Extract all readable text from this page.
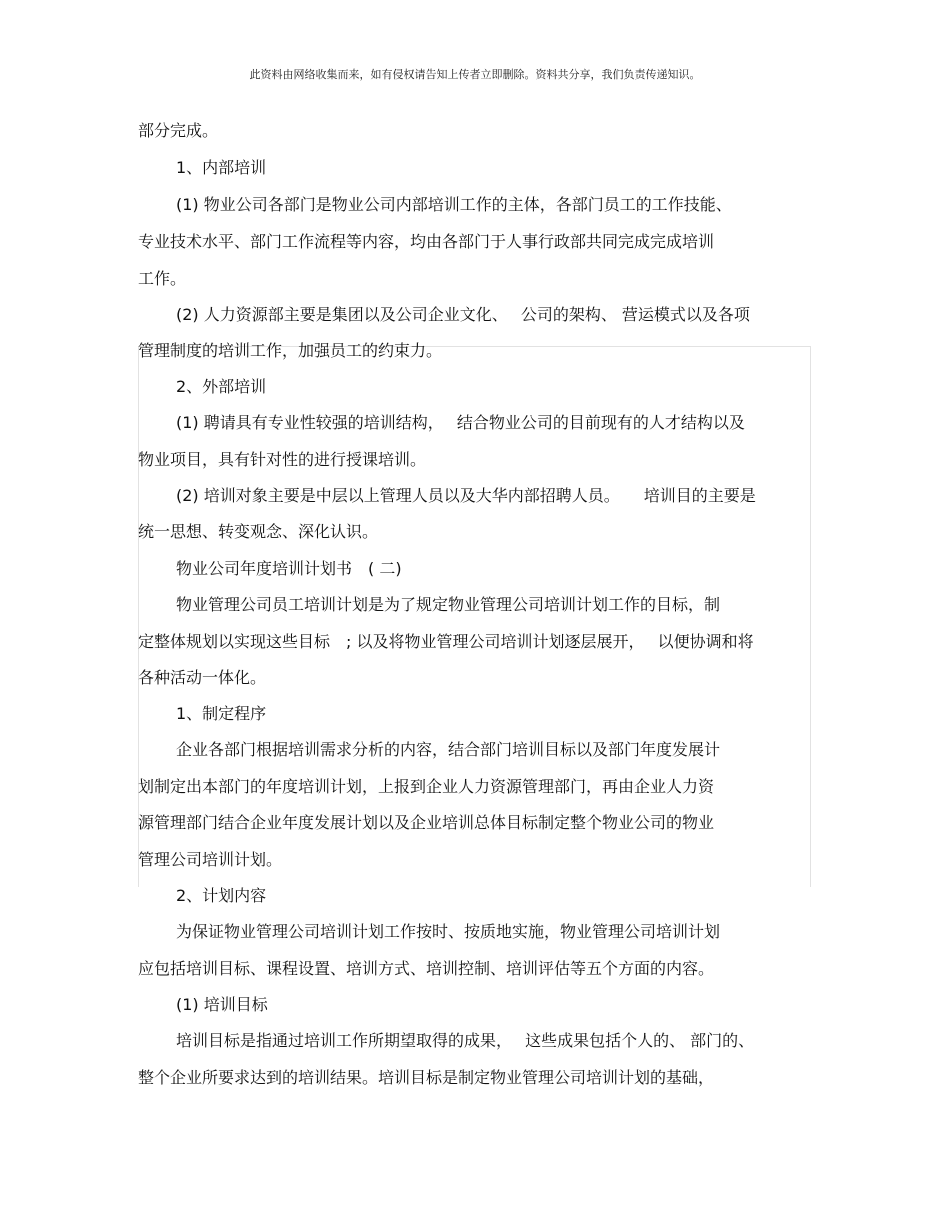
此资料由网络收集而来，如有侵权请告知上传者立即删除。资料共分享，我们负责传递知识。
部分完成。
1、内部培训
(1) 物业公司各部门是物业公司内部培训工作的主体，各部门员工的工作技能、
专业技术水平、部门工作流程等内容，均由各部门于人事行政部共同完成完成培训
工作。
(2) 人力资源部主要是集团以及公司企业文化、　 公司的架构、 营运模式以及各项
管理制度的培训工作，加强员工的约束力。
2、外部培训
(1) 聘请具有专业性较强的培训结构，　 结合物业公司的目前现有的人才结构以及
物业项目，具有针对性的进行授课培训。
(2) 培训对象主要是中层以上管理人员以及大华内部招聘人员。　　培训目的主要是
统一思想、转变观念、深化认识。
物业公司年度培训计划书　( 二)
物业管理公司员工培训计划是为了规定物业管理公司培训计划工作的目标，制
定整体规划以实现这些目标　; 以及将物业管理公司培训计划逐层展开，　 以便协调和将
各种活动一体化。
1、制定程序
企业各部门根据培训需求分析的内容，结合部门培训目标以及部门年度发展计
划制定出本部门的年度培训计划，上报到企业人力资源管理部门，再由企业人力资
源管理部门结合企业年度发展计划以及企业培训总体目标制定整个物业公司的物业
管理公司培训计划。
2、计划内容
为保证物业管理公司培训计划工作按时、按质地实施，物业管理公司培训计划
应包括培训目标、课程设置、培训方式、培训控制、培训评估等五个方面的内容。
(1) 培训目标
培训目标是指通过培训工作所期望取得的成果，　 这些成果包括个人的、 部门的、
整个企业所要求达到的培训结果。培训目标是制定物业管理公司培训计划的基础，
